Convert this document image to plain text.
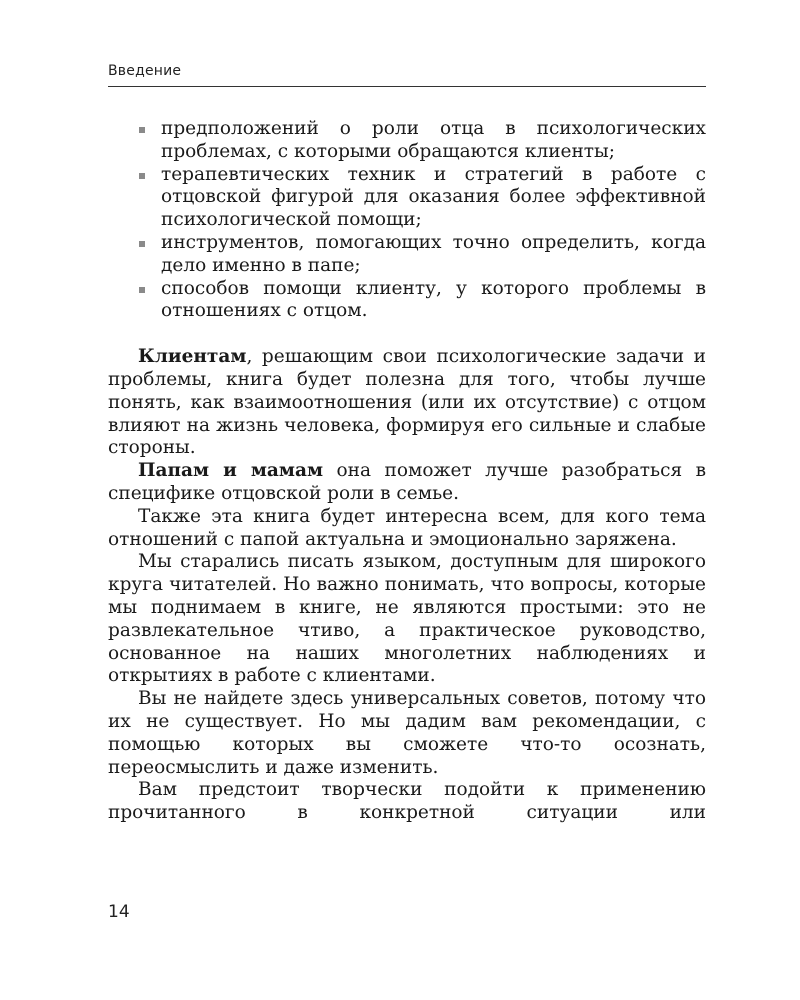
Введение
предположений о роли отца в психологических проблемах, с которыми обращаются клиенты;
терапевтических техник и стратегий в работе с отцовской фигурой для оказания более эффективной психологической помощи;
инструментов, помогающих точно определить, когда дело именно в папе;
способов помощи клиенту, у которого проблемы в отношениях с отцом.

Клиентам, решающим свои психологические задачи и проблемы, книга будет полезна для того, чтобы лучше понять, как взаимоотношения (или их отсутствие) с отцом влияют на жизнь человека, формируя его сильные и слабые стороны.

Папам и мамам она поможет лучше разобраться в специфике отцовской роли в семье.

Также эта книга будет интересна всем, для кого тема отношений с папой актуальна и эмоционально заряжена.

Мы старались писать языком, доступным для широкого круга читателей. Но важно понимать, что вопросы, которые мы поднимаем в книге, не являются простыми: это не развлекательное чтиво, а практическое руководство, основанное на наших многолетних наблюдениях и открытиях в работе с клиентами.

Вы не найдете здесь универсальных советов, потому что их не существует. Но мы дадим вам рекомендации, с помощью которых вы сможете что-то осознать, переосмыслить и даже изменить.

Вам предстоит творчески подойти к применению прочитанного в конкретной ситуации или

14
